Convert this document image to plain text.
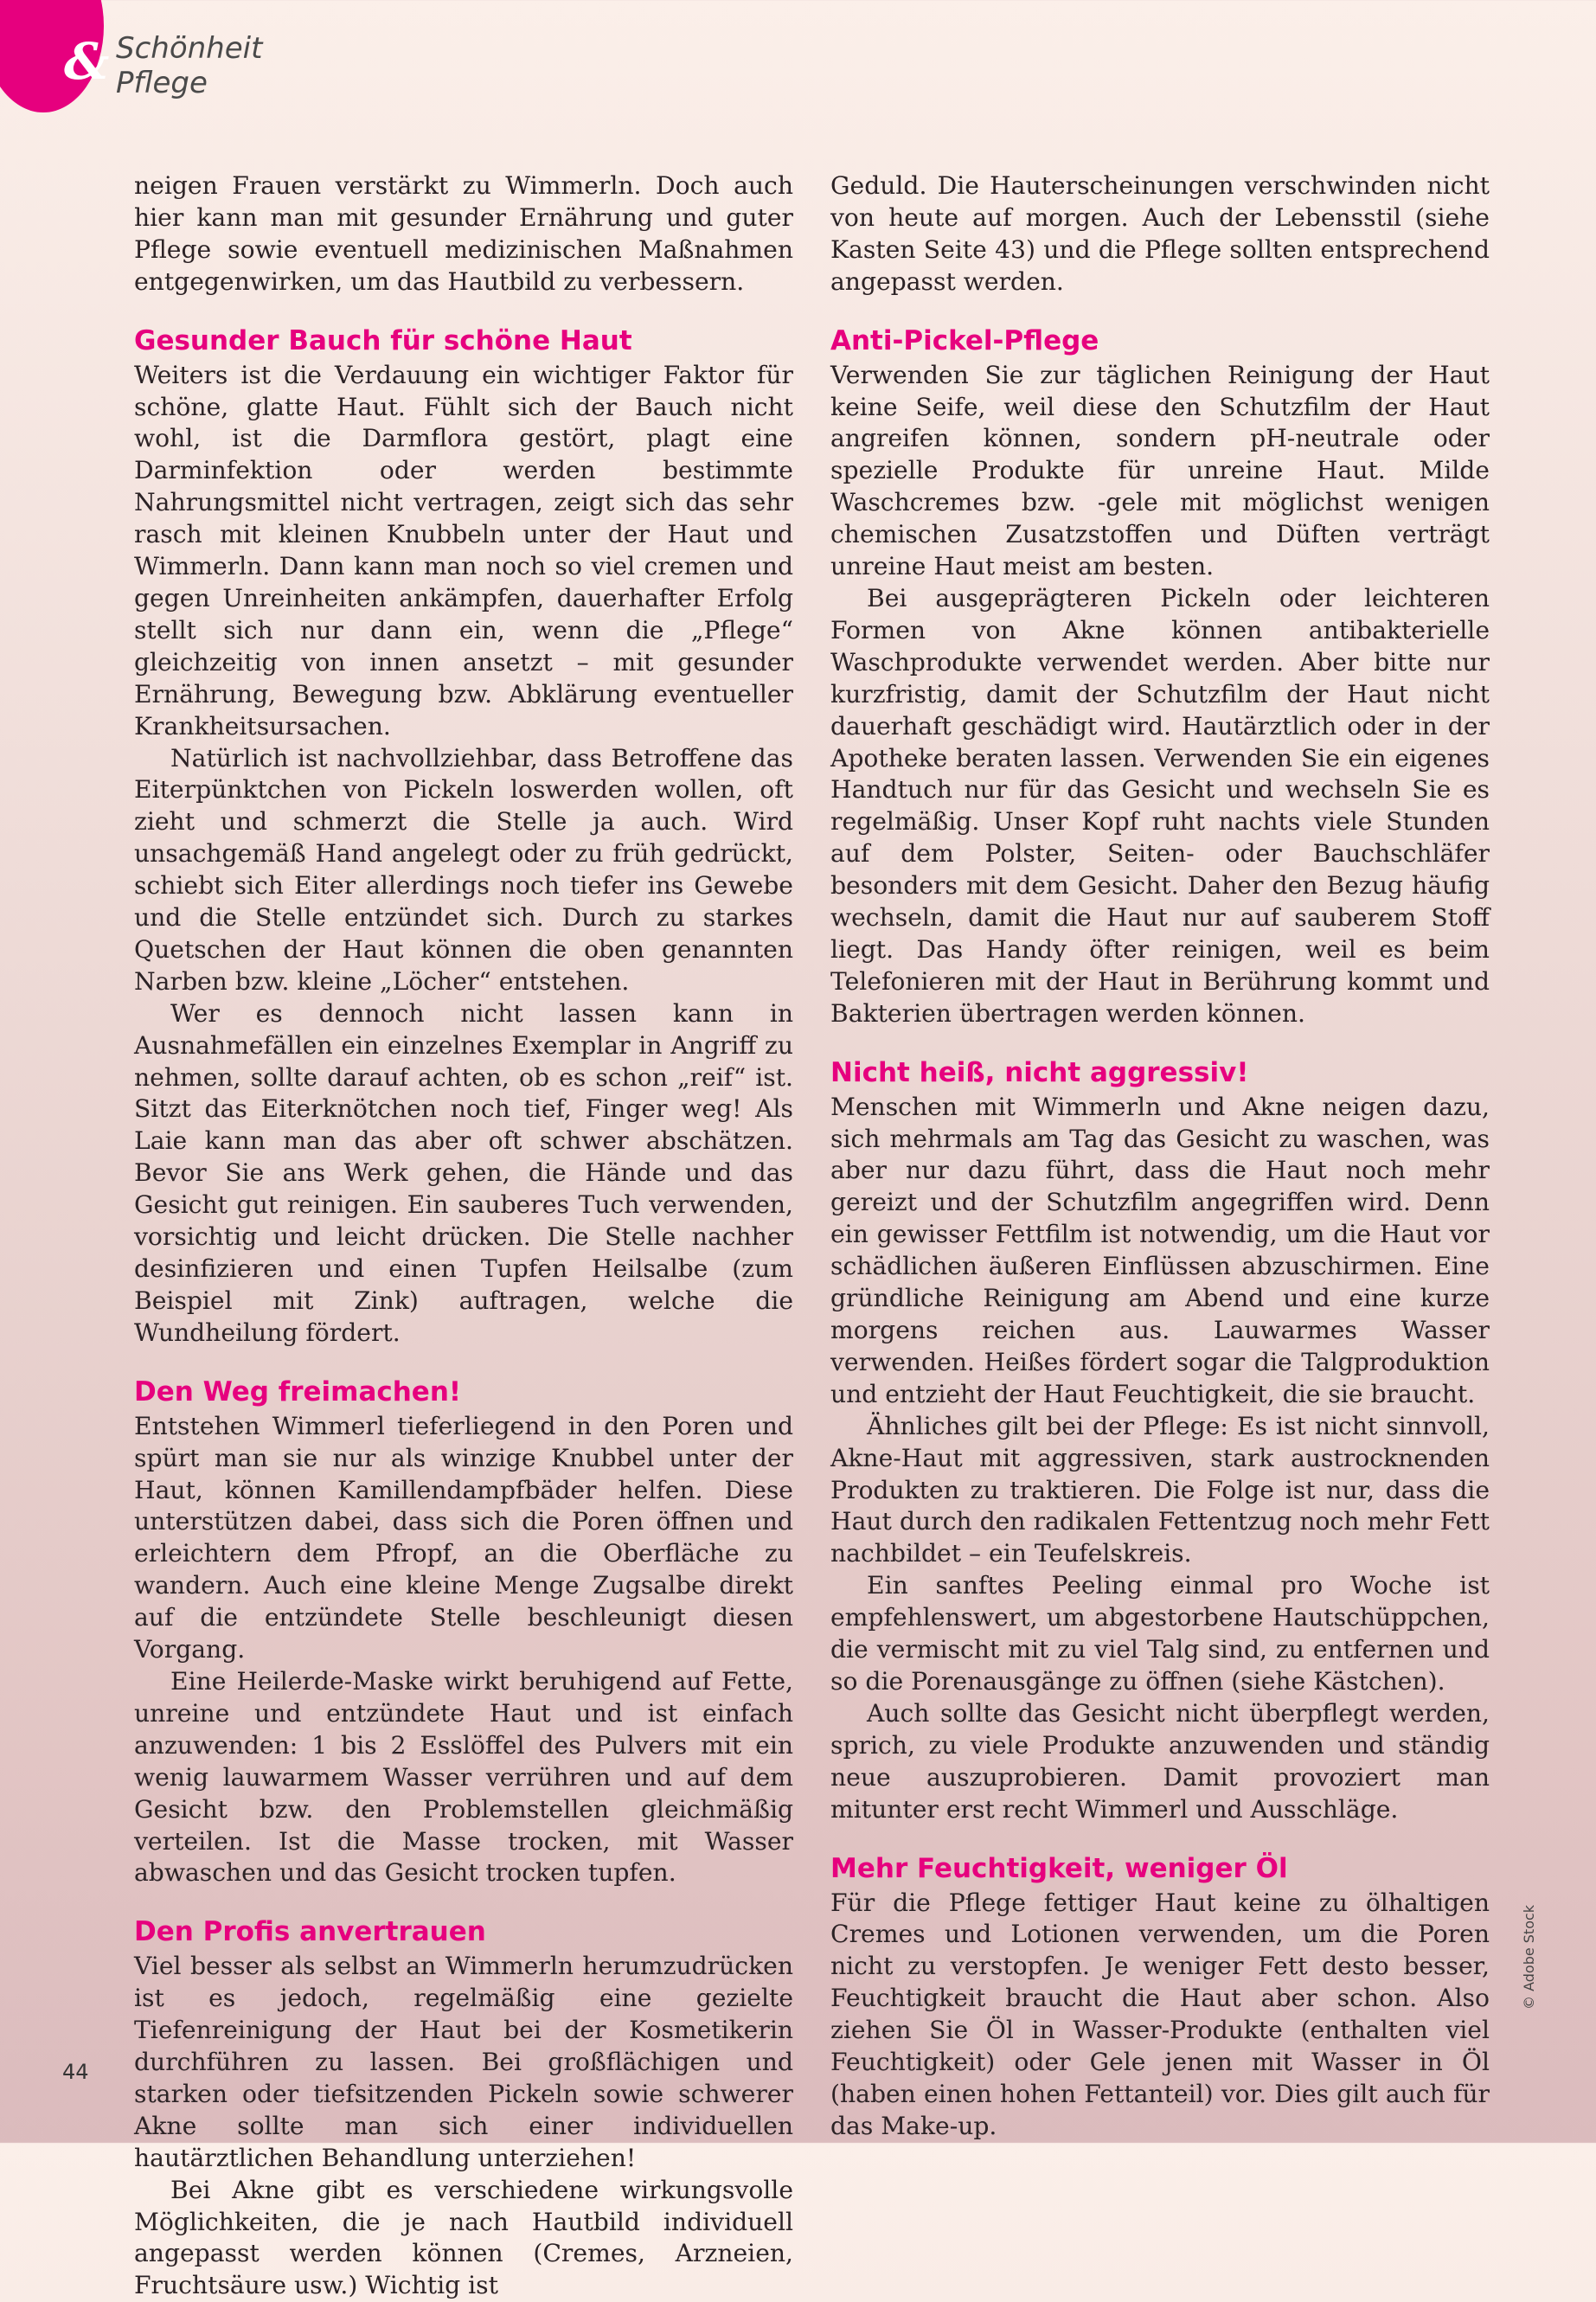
& Schönheit
Pflege

neigen Frauen verstärkt zu Wimmerln. Doch auch hier kann man mit gesunder Ernährung und guter Pflege sowie eventuell medizinischen Maßnahmen entgegenwirken, um das Hautbild zu verbessern.

Gesunder Bauch für schöne Haut

Weiters ist die Verdauung ein wichtiger Faktor für schöne, glatte Haut. Fühlt sich der Bauch nicht wohl, ist die Darmflora gestört, plagt eine Darminfektion oder werden bestimmte Nahrungsmittel nicht vertragen, zeigt sich das sehr rasch mit kleinen Knubbeln unter der Haut und Wimmerln. Dann kann man noch so viel cremen und gegen Unreinheiten ankämpfen, dauerhafter Erfolg stellt sich nur dann ein, wenn die „Pflege“ gleichzeitig von innen ansetzt – mit gesunder Ernährung, Bewegung bzw. Abklärung eventueller Krankheitsursachen.

Natürlich ist nachvollziehbar, dass Betroffene das Eiterpünktchen von Pickeln loswerden wollen, oft zieht und schmerzt die Stelle ja auch. Wird unsachgemäß Hand angelegt oder zu früh gedrückt, schiebt sich Eiter allerdings noch tiefer ins Gewebe und die Stelle entzündet sich. Durch zu starkes Quetschen der Haut können die oben genannten Narben bzw. kleine „Löcher“ entstehen.

Wer es dennoch nicht lassen kann in Ausnahmefällen ein einzelnes Exemplar in Angriff zu nehmen, sollte darauf achten, ob es schon „reif“ ist. Sitzt das Eiterknötchen noch tief, Finger weg! Als Laie kann man das aber oft schwer abschätzen. Bevor Sie ans Werk gehen, die Hände und das Gesicht gut reinigen. Ein sauberes Tuch verwenden, vorsichtig und leicht drücken. Die Stelle nachher desinfizieren und einen Tupfen Heilsalbe (zum Beispiel mit Zink) auftragen, welche die Wundheilung fördert.

Den Weg freimachen!

Entstehen Wimmerl tieferliegend in den Poren und spürt man sie nur als winzige Knubbel unter der Haut, können Kamillendampfbäder helfen. Diese unterstützen dabei, dass sich die Poren öffnen und erleichtern dem Pfropf, an die Oberfläche zu wandern. Auch eine kleine Menge Zugsalbe direkt auf die entzündete Stelle beschleunigt diesen Vorgang.

Eine Heilerde-Maske wirkt beruhigend auf Fette, unreine und entzündete Haut und ist einfach anzuwenden: 1 bis 2 Esslöffel des Pulvers mit ein wenig lauwarmem Wasser verrühren und auf dem Gesicht bzw. den Problemstellen gleichmäßig verteilen. Ist die Masse trocken, mit Wasser abwaschen und das Gesicht trocken tupfen.

Den Profis anvertrauen

Viel besser als selbst an Wimmerln herumzudrücken ist es jedoch, regelmäßig eine gezielte Tiefenreinigung der Haut bei der Kosmetikerin durchführen zu lassen. Bei großflächigen und starken oder tiefsitzenden Pickeln sowie schwerer Akne sollte man sich einer individuellen hautärztlichen Behandlung unterziehen!

Bei Akne gibt es verschiedene wirkungsvolle Möglichkeiten, die je nach Hautbild individuell angepasst werden können (Cremes, Arzneien, Fruchtsäure usw.) Wichtig ist

Geduld. Die Hauterscheinungen verschwinden nicht von heute auf morgen. Auch der Lebensstil (siehe Kasten Seite 43) und die Pflege sollten entsprechend angepasst werden.

Anti-Pickel-Pflege

Verwenden Sie zur täglichen Reinigung der Haut keine Seife, weil diese den Schutzfilm der Haut angreifen können, sondern pH-neutrale oder spezielle Produkte für unreine Haut. Milde Waschcremes bzw. -gele mit möglichst wenigen chemischen Zusatzstoffen und Düften verträgt unreine Haut meist am besten.

Bei ausgeprägteren Pickeln oder leichteren Formen von Akne können antibakterielle Waschprodukte verwendet werden. Aber bitte nur kurzfristig, damit der Schutzfilm der Haut nicht dauerhaft geschädigt wird. Hautärztlich oder in der Apotheke beraten lassen. Verwenden Sie ein eigenes Handtuch nur für das Gesicht und wechseln Sie es regelmäßig. Unser Kopf ruht nachts viele Stunden auf dem Polster, Seiten- oder Bauchschläfer besonders mit dem Gesicht. Daher den Bezug häufig wechseln, damit die Haut nur auf sauberem Stoff liegt. Das Handy öfter reinigen, weil es beim Telefonieren mit der Haut in Berührung kommt und Bakterien übertragen werden können.

Nicht heiß, nicht aggressiv!

Menschen mit Wimmerln und Akne neigen dazu, sich mehrmals am Tag das Gesicht zu waschen, was aber nur dazu führt, dass die Haut noch mehr gereizt und der Schutzfilm angegriffen wird. Denn ein gewisser Fettfilm ist notwendig, um die Haut vor schädlichen äußeren Einflüssen abzuschirmen. Eine gründliche Reinigung am Abend und eine kurze morgens reichen aus. Lauwarmes Wasser verwenden. Heißes fördert sogar die Talgproduktion und entzieht der Haut Feuchtigkeit, die sie braucht.

Ähnliches gilt bei der Pflege: Es ist nicht sinnvoll, Akne-Haut mit aggressiven, stark austrocknenden Produkten zu traktieren. Die Folge ist nur, dass die Haut durch den radikalen Fettentzug noch mehr Fett nachbildet – ein Teufelskreis.

Ein sanftes Peeling einmal pro Woche ist empfehlenswert, um abgestorbene Hautschüppchen, die vermischt mit zu viel Talg sind, zu entfernen und so die Porenausgänge zu öffnen (siehe Kästchen).

Auch sollte das Gesicht nicht überpflegt werden, sprich, zu viele Produkte anzuwenden und ständig neue auszuprobieren. Damit provoziert man mitunter erst recht Wimmerl und Ausschläge.

Mehr Feuchtigkeit, weniger Öl

Für die Pflege fettiger Haut keine zu ölhaltigen Cremes und Lotionen verwenden, um die Poren nicht zu verstopfen. Je weniger Fett desto besser, Feuchtigkeit braucht die Haut aber schon. Also ziehen Sie Öl in Wasser-Produkte (enthalten viel Feuchtigkeit) oder Gele jenen mit Wasser in Öl (haben einen hohen Fettanteil) vor. Dies gilt auch für das Make-up.

44
© Adobe Stock
